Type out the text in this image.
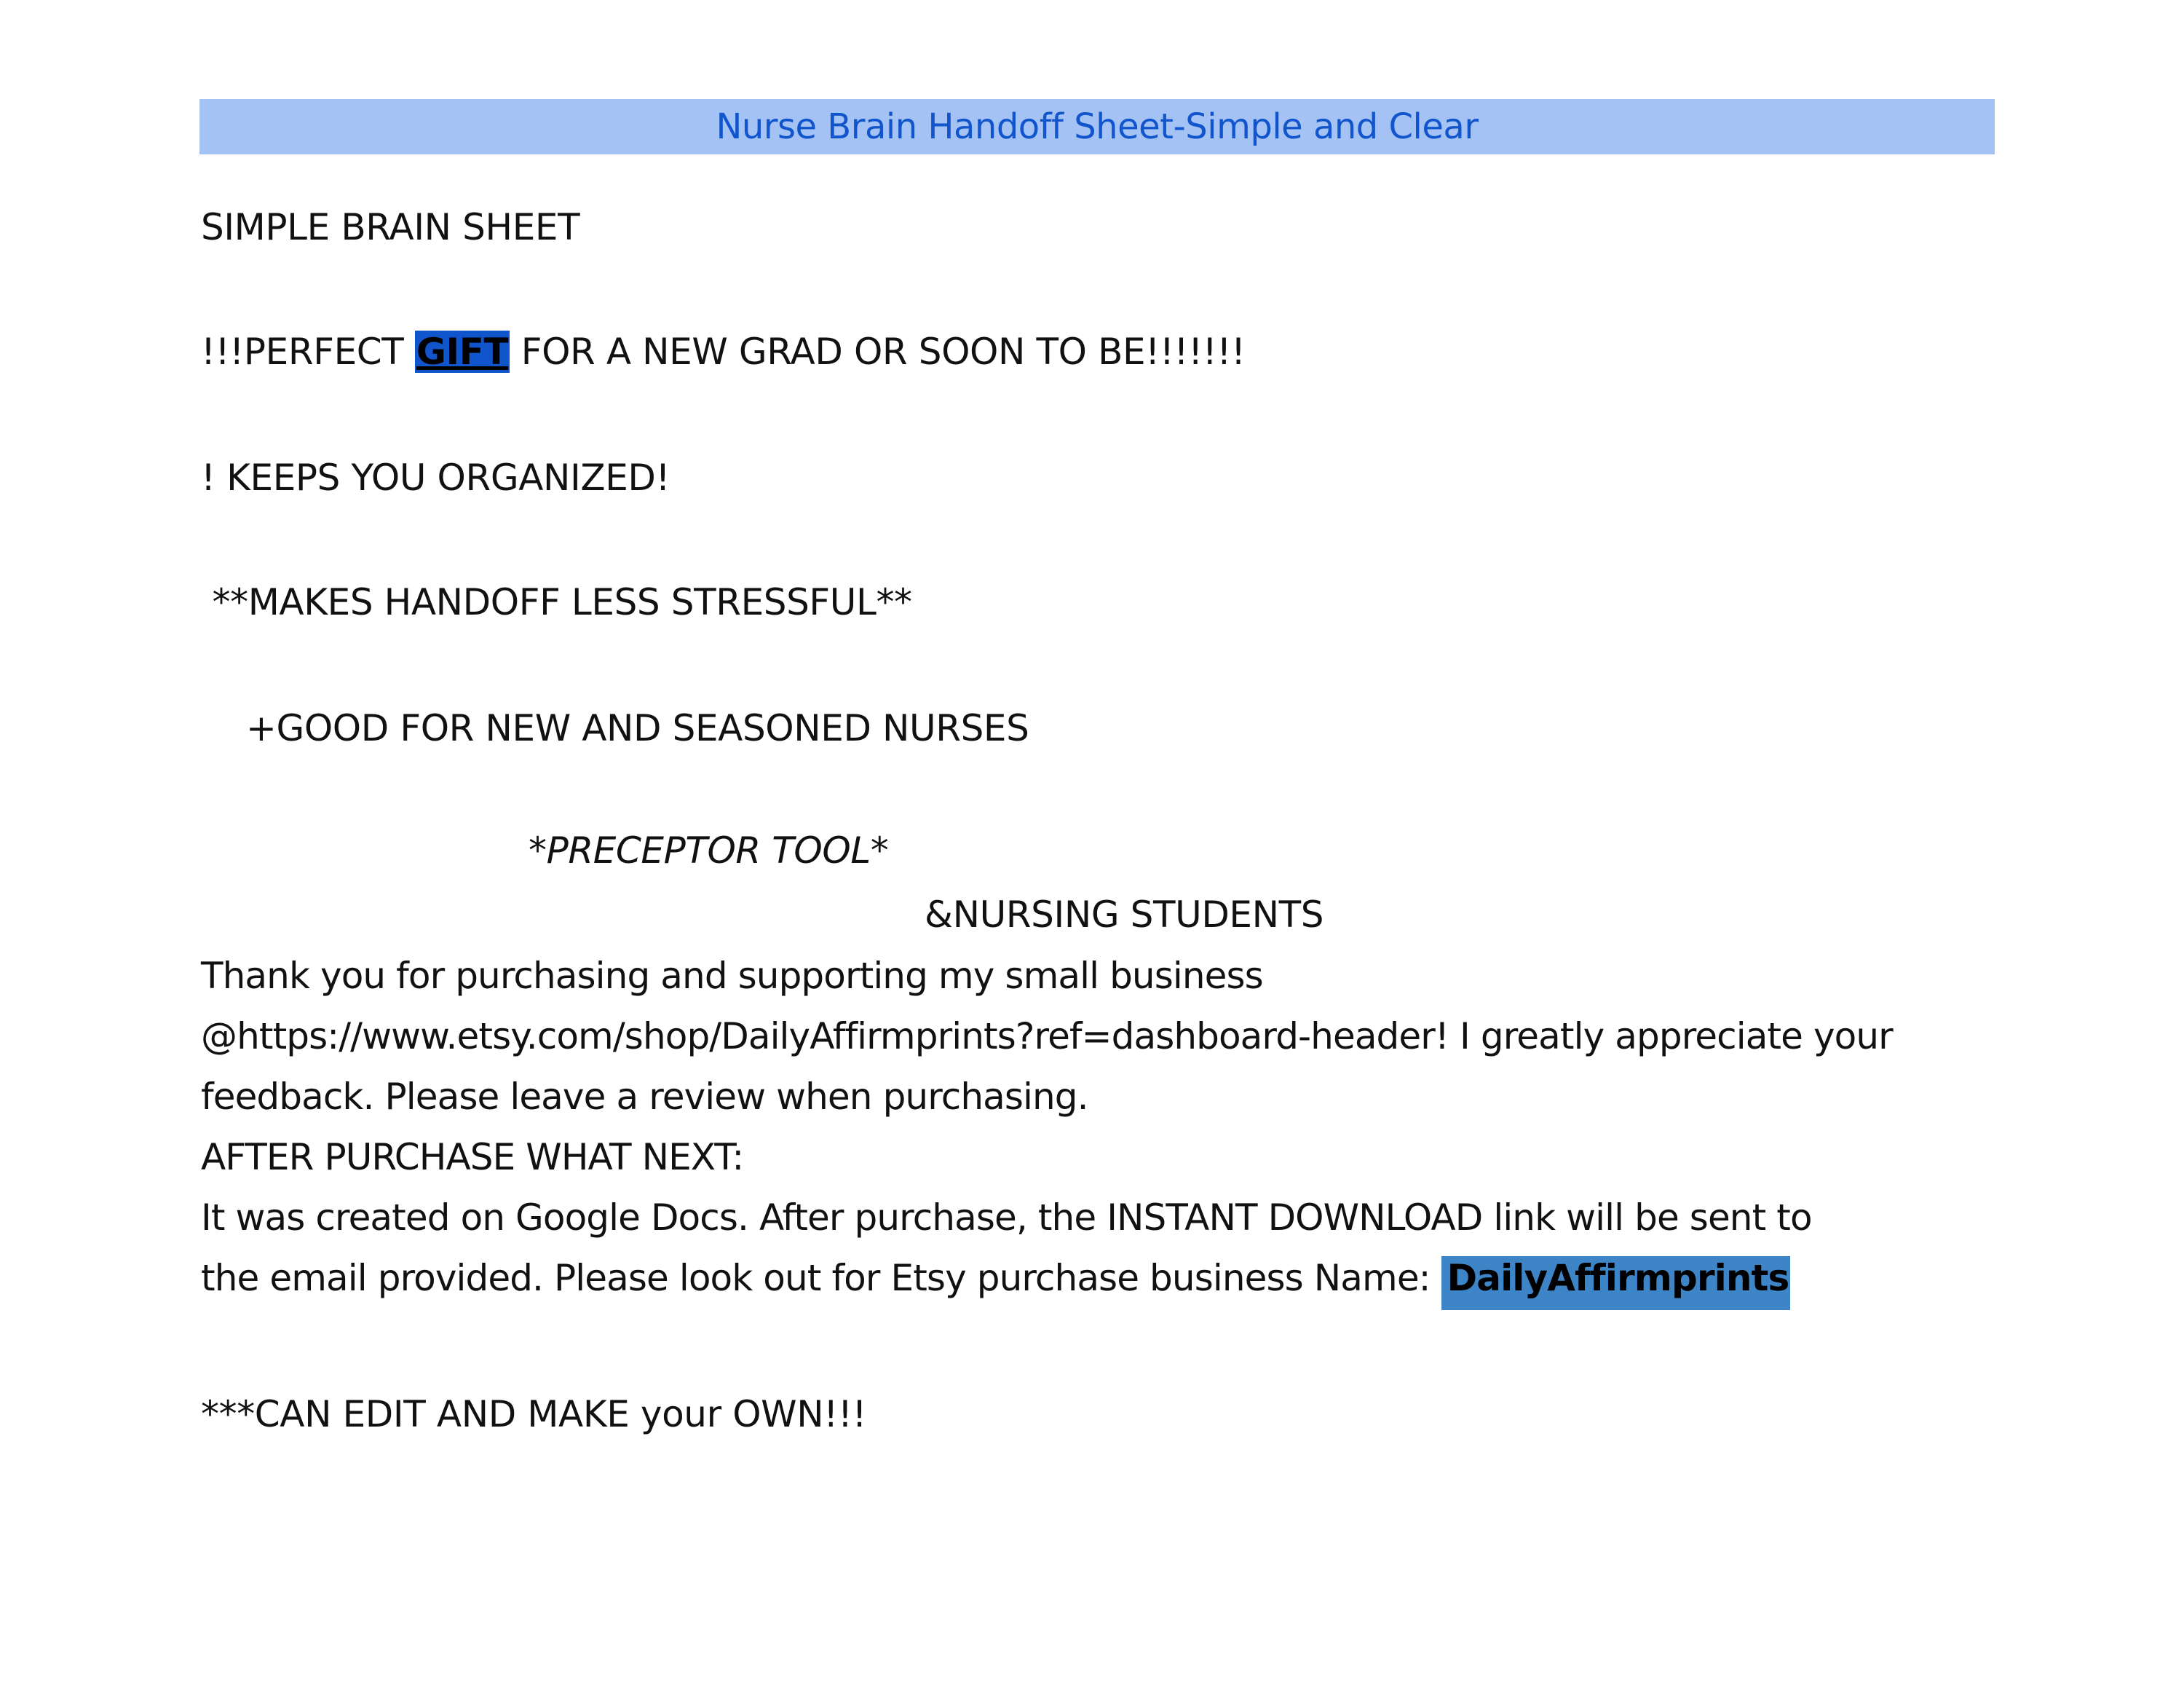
Nurse Brain Handoff Sheet-Simple and Clear
SIMPLE BRAIN SHEET
!!!PERFECT GIFT FOR A NEW GRAD OR SOON TO BE!!!!!!!
! KEEPS YOU ORGANIZED!
**MAKES HANDOFF LESS STRESSFUL**
+GOOD FOR NEW AND SEASONED NURSES
*PRECEPTOR TOOL*
&NURSING STUDENTS
Thank you for purchasing and supporting my small business
@https://www.etsy.com/shop/DailyAffirmprints?ref=dashboard-header! I greatly appreciate your
feedback. Please leave a review when purchasing.
AFTER PURCHASE WHAT NEXT:
It was created on Google Docs. After purchase, the INSTANT DOWNLOAD link will be sent to
the email provided. Please look out for Etsy purchase business Name: DailyAffirmprints
***CAN EDIT AND MAKE your OWN!!!
